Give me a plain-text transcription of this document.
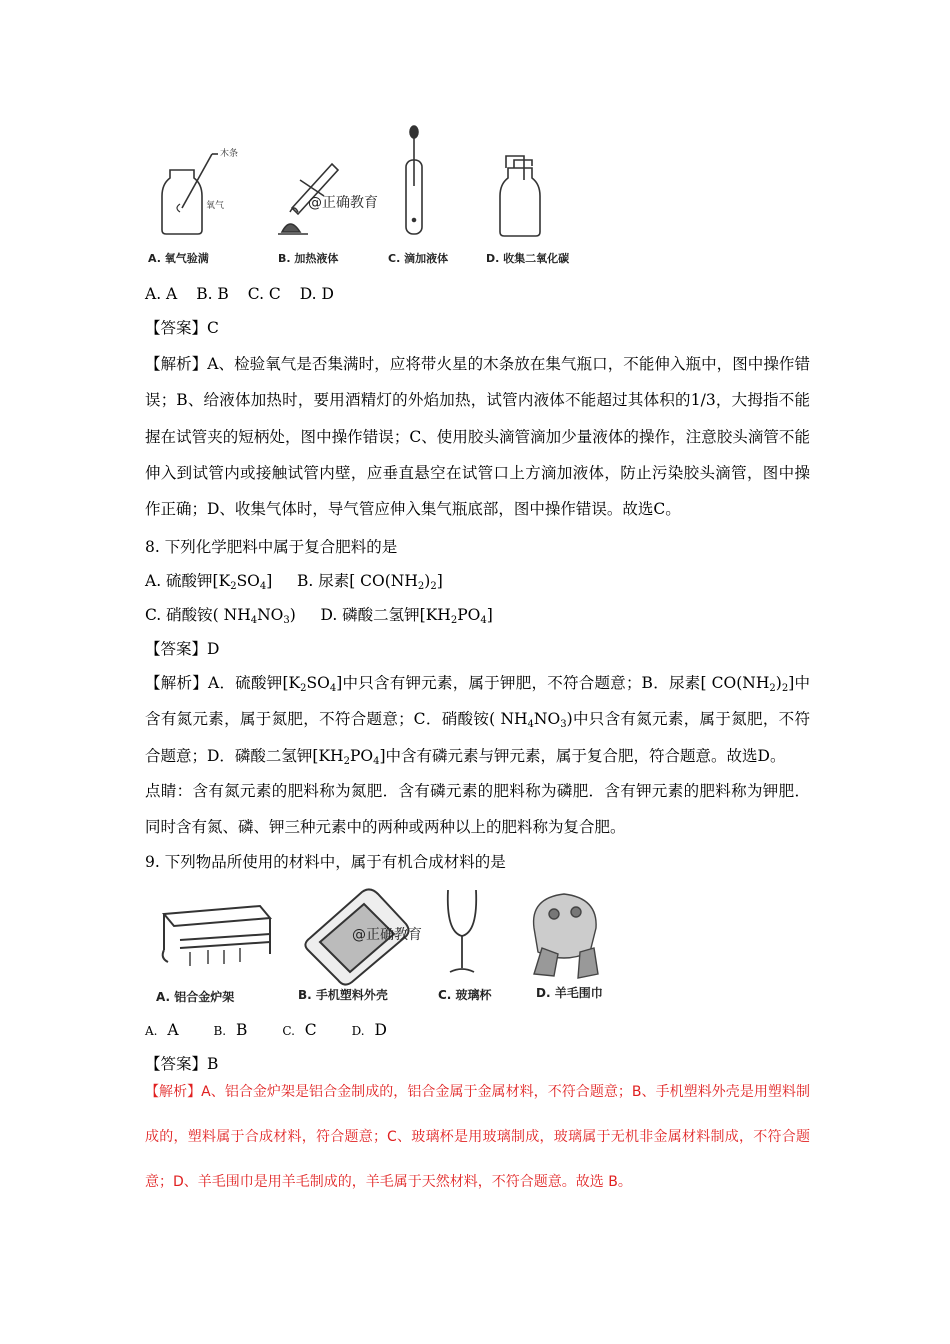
木条
氧气	@正确教育
A. 氧气验满	B. 加热液体	C. 滴加液体	D. 收集二氧化碳
A. A B. B C. C D. D
【答案】C
【解析】A、检验氧气是否集满时，应将带火星的木条放在集气瓶口，不能伸入瓶中，图中操作错误；B、给液体加热时，要用酒精灯的外焰加热，试管内液体不能超过其体积的1/3，大拇指不能握在试管夹的短柄处，图中操作错误；C、使用胶头滴管滴加少量液体的操作，注意胶头滴管不能伸入到试管内或接触试管内壁，应垂直悬空在试管口上方滴加液体，防止污染胶头滴管，图中操作正确；D、收集气体时，导气管应伸入集气瓶底部，图中操作错误。故选C。
8. 下列化学肥料中属于复合肥料的是
A. 硫酸钾$[K_2SO_4]$ B. 尿素[ $CO(NH_2)_2$]
C. 硝酸铵( $NH_4NO_3$) D. 磷酸二氢钾$[KH_2PO_4]$
【答案】D
【解析】A．硫酸钾$[K_2SO_4]$中只含有钾元素，属于钾肥，不符合题意；B．尿素[ $CO(NH_2)_2$]中含有氮元素，属于氮肥，不符合题意；C．硝酸铵( $NH_4NO_3$)中只含有氮元素，属于氮肥，不符合题意；D．磷酸二氢钾$[KH_2PO_4]$中含有磷元素与钾元素，属于复合肥，符合题意。故选D。
点睛：含有氮元素的肥料称为氮肥．含有磷元素的肥料称为磷肥．含有钾元素的肥料称为钾肥．同时含有氮、磷、钾三种元素中的两种或两种以上的肥料称为复合肥。
9. 下列物品所使用的材料中，属于有机合成材料的是
@正确教育
A. 铝合金炉架	B. 手机塑料外壳	C. 玻璃杯	D. 羊毛围巾
A. A	B. B	C. C	D. D
【答案】B
【解析】A、铝合金炉架是铝合金制成的，铝合金属于金属材料，不符合题意；B、手机塑料外壳是用塑料制成的，塑料属于合成材料，符合题意；C、玻璃杯是用玻璃制成，玻璃属于无机非金属材料制成，不符合题意；D、羊毛围巾是用羊毛制成的，羊毛属于天然材料，不符合题意。故选 B。
